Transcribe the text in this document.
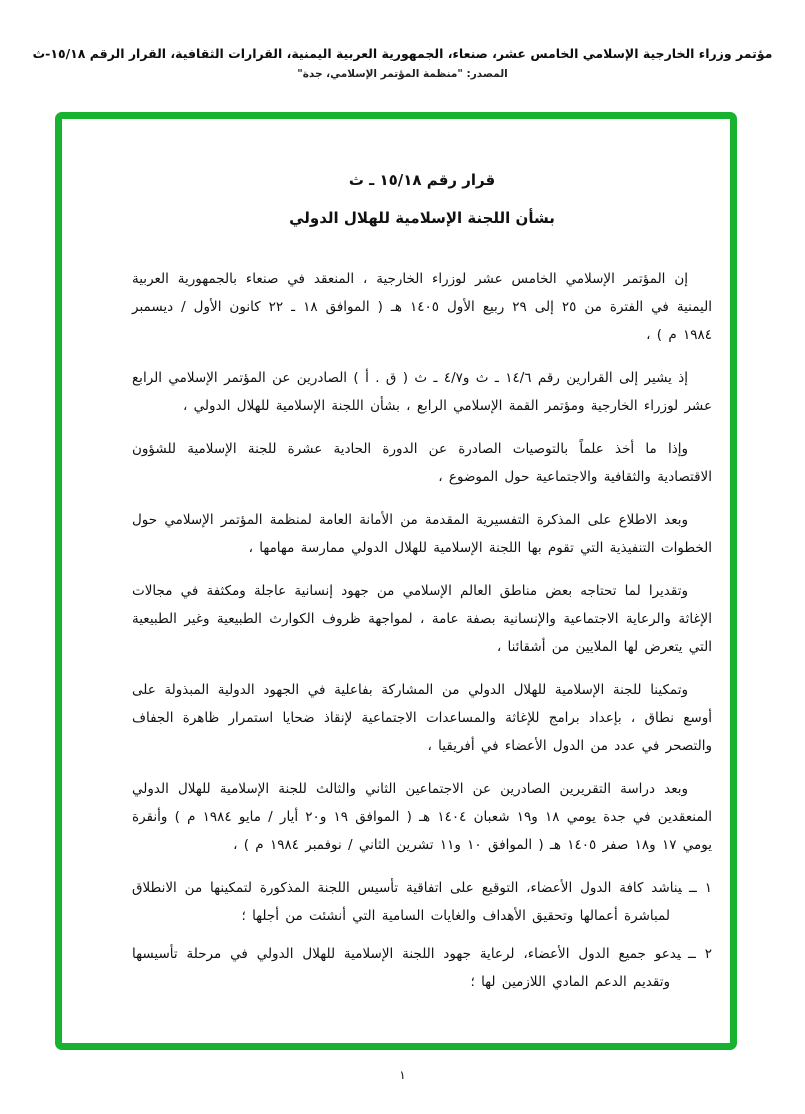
مؤتمر وزراء الخارجية الإسلامي الخامس عشر، صنعاء، الجمهورية العربية اليمنية، القرارات الثقافية، القرار الرقم ١٥/١٨-ث
المصدر: "منظمة المؤتمر الإسلامي، جدة"
قرار رقم ١٥/١٨ ـ ث
بشأن اللجنة الإسلامية للهلال الدولي

إن المؤتمر الإسلامي الخامس عشر لوزراء الخارجية ، المنعقد في صنعاء بالجمهورية العربية اليمنية في الفترة من ٢٥ إلى ٢٩ ربيع الأول ١٤٠٥ هـ ( الموافق ١٨ ـ ٢٢ كانون الأول / ديسمبر ١٩٨٤ م ) ،

إذ يشير إلى القرارين رقم ١٤/٦ ـ ث و٤/٧ ـ ث ( ق . أ ) الصادرين عن المؤتمر الإسلامي الرابع عشر لوزراء الخارجية ومؤتمر القمة الإسلامي الرابع ، بشأن اللجنة الإسلامية للهلال الدولي ،

وإذا ما أخذ علماً بالتوصيات الصادرة عن الدورة الحادية عشرة للجنة الإسلامية للشؤون الاقتصادية والثقافية والاجتماعية حول الموضوع ،

وبعد الاطلاع على المذكرة التفسيرية المقدمة من الأمانة العامة لمنظمة المؤتمر الإسلامي حول الخطوات التنفيذية التي تقوم بها اللجنة الإسلامية للهلال الدولي ممارسة مهامها ،

وتقديرا لما تحتاجه بعض مناطق العالم الإسلامي من جهود إنسانية عاجلة ومكثفة في مجالات الإغاثة والرعاية الاجتماعية والإنسانية بصفة عامة ، لمواجهة ظروف الكوارث الطبيعية وغير الطبيعية التي يتعرض لها الملايين من أشقائنا ،

وتمكينا للجنة الإسلامية للهلال الدولي من المشاركة بفاعلية في الجهود الدولية المبذولة على أوسع نطاق ، بإعداد برامج للإغاثة والمساعدات الاجتماعية لإنقاذ ضحايا استمرار ظاهرة الجفاف والتصحر في عدد من الدول الأعضاء في أفريقيا ،

وبعد دراسة التقريرين الصادرين عن الاجتماعين الثاني والثالث للجنة الإسلامية للهلال الدولي المنعقدين في جدة يومي ١٨ و١٩ شعبان ١٤٠٤ هـ ( الموافق ١٩ و٢٠ أيار / مايو ١٩٨٤ م ) وأنقرة يومي ١٧ و١٨ صفر ١٤٠٥ هـ ( الموافق ١٠ و١١ تشرين الثاني / نوفمبر ١٩٨٤ م ) ،

١ ــيناشد كافة الدول الأعضاء، التوقيع على اتفاقية تأسيس اللجنة المذكورة لتمكينها من الانطلاق لمباشرة أعمالها وتحقيق الأهداف والغايات السامية التي أنشئت من أجلها ؛

٢ ــيدعو جميع الدول الأعضاء، لرعاية جهود اللجنة الإسلامية للهلال الدولي في مرحلة تأسيسها وتقديم الدعم المادي اللازمين لها ؛

١
